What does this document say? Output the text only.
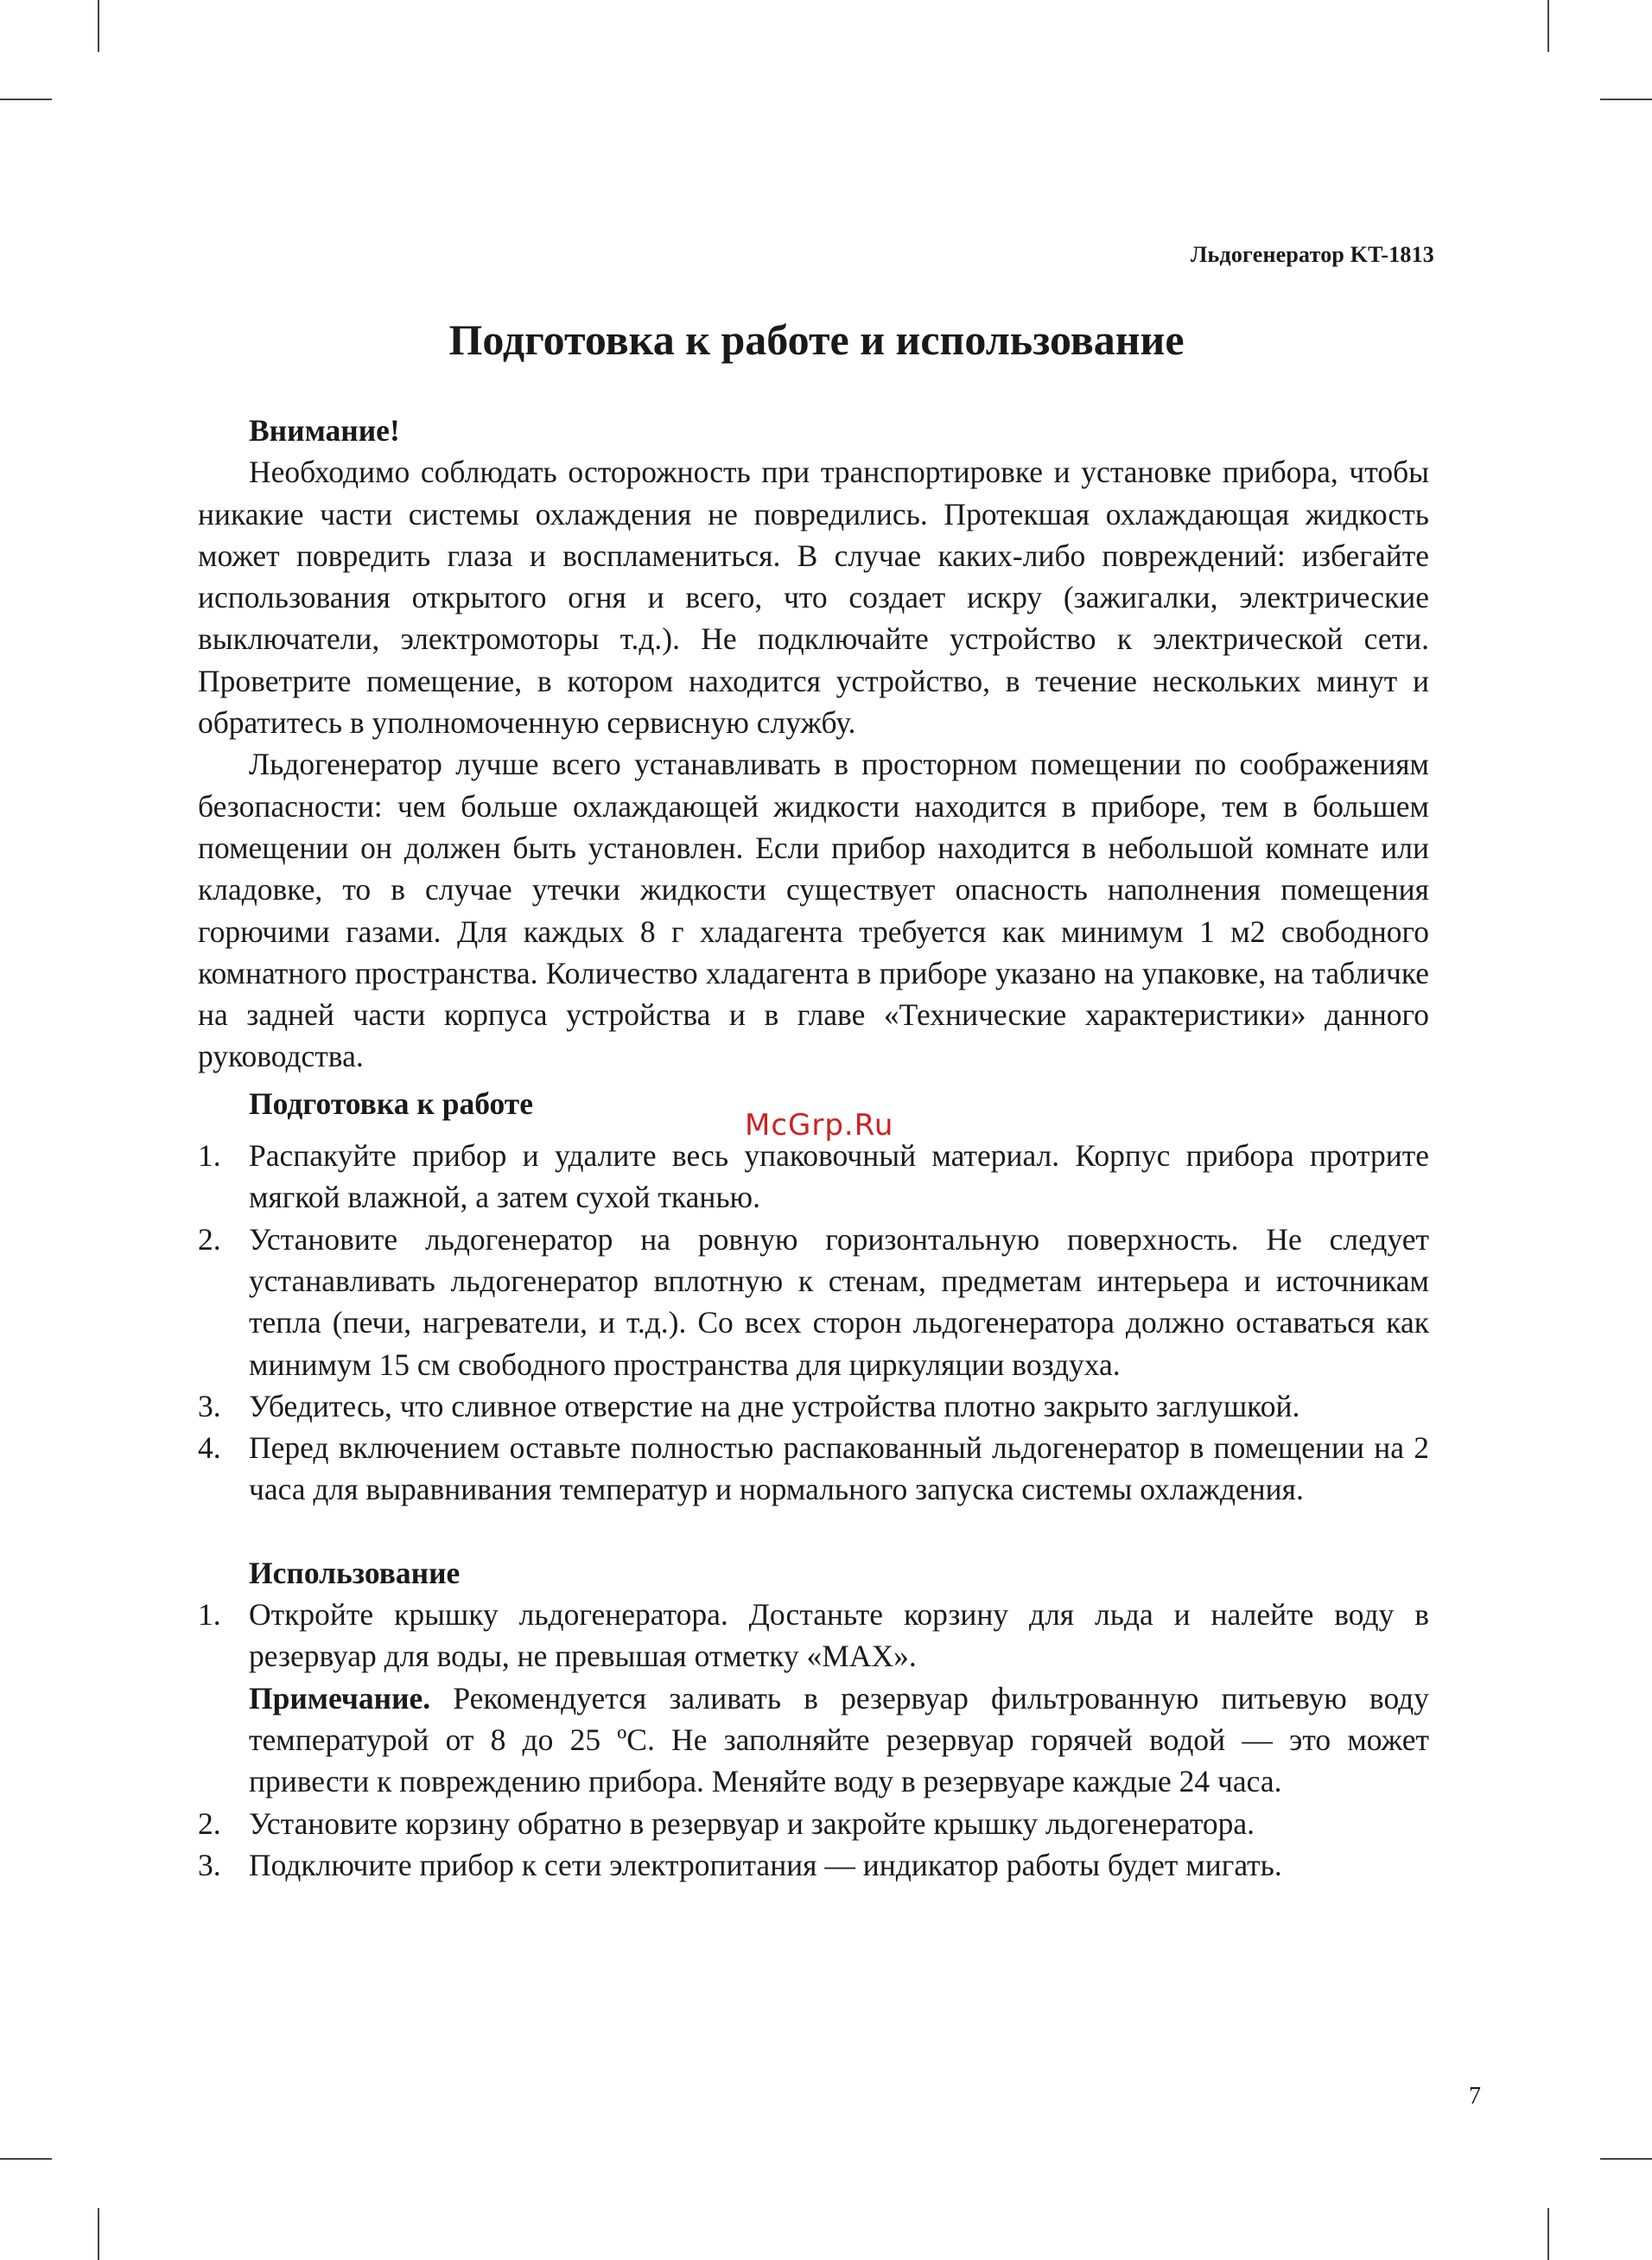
Льдогенератор KT-1813
Подготовка к работе и использование
Внимание!

Необходимо соблюдать осторожность при транспортировке и установке прибора, чтобы никакие части системы охлаждения не повредились. Протекшая охлаждающая жидкость может повредить глаза и воспламениться. В случае каких-либо повреждений: избегайте использования открытого огня и всего, что создает искру (зажигалки, электрические выключатели, электромоторы т.д.). Не подключайте устройство к электрической сети. Проветрите помещение, в котором находится устройство, в течение нескольких минут и обратитесь в уполномоченную сервисную службу.

Льдогенератор лучше всего устанавливать в просторном помещении по соображениям безопасности: чем больше охлаждающей жидкости находится в приборе, тем в большем помещении он должен быть установлен. Если прибор находится в небольшой комнате или кладовке, то в случае утечки жидкости существует опасность наполнения помещения горючими газами. Для каждых 8 г хладагента требуется как минимум 1 м2 свободного комнатного пространства. Количество хладагента в приборе указано на упаковке, на табличке на задней части корпуса устройства и в главе «Технические характеристики» данного руководства.

Подготовка к работе
1. Распакуйте прибор и удалите весь упаковочный материал. Корпус прибора протрите мягкой влажной, а затем сухой тканью.
2. Установите льдогенератор на ровную горизонтальную поверхность. Не следует устанавливать льдогенератор вплотную к стенам, предметам интерьера и источникам тепла (печи, нагреватели, и т.д.). Со всех сторон льдогенератора должно оставаться как минимум 15 см свободного пространства для циркуляции воздуха.
3. Убедитесь, что сливное отверстие на дне устройства плотно закрыто заглушкой.
4. Перед включением оставьте полностью распакованный льдогенератор в помещении на 2 часа для выравнивания температур и нормального запуска системы охлаждения.
Использование
1. Откройте крышку льдогенератора. Достаньте корзину для льда и налейте воду в резервуар для воды, не превышая отметку «MAX».
Примечание. Рекомендуется заливать в резервуар фильтрованную питьевую воду температурой от 8 до 25 ºС. Не заполняйте резервуар горячей водой — это может привести к повреждению прибора. Меняйте воду в резервуаре каждые 24 часа.
2. Установите корзину обратно в резервуар и закройте крышку льдогенератора.
3. Подключите прибор к сети электропитания — индикатор работы будет мигать.
McGrp.Ru
7
